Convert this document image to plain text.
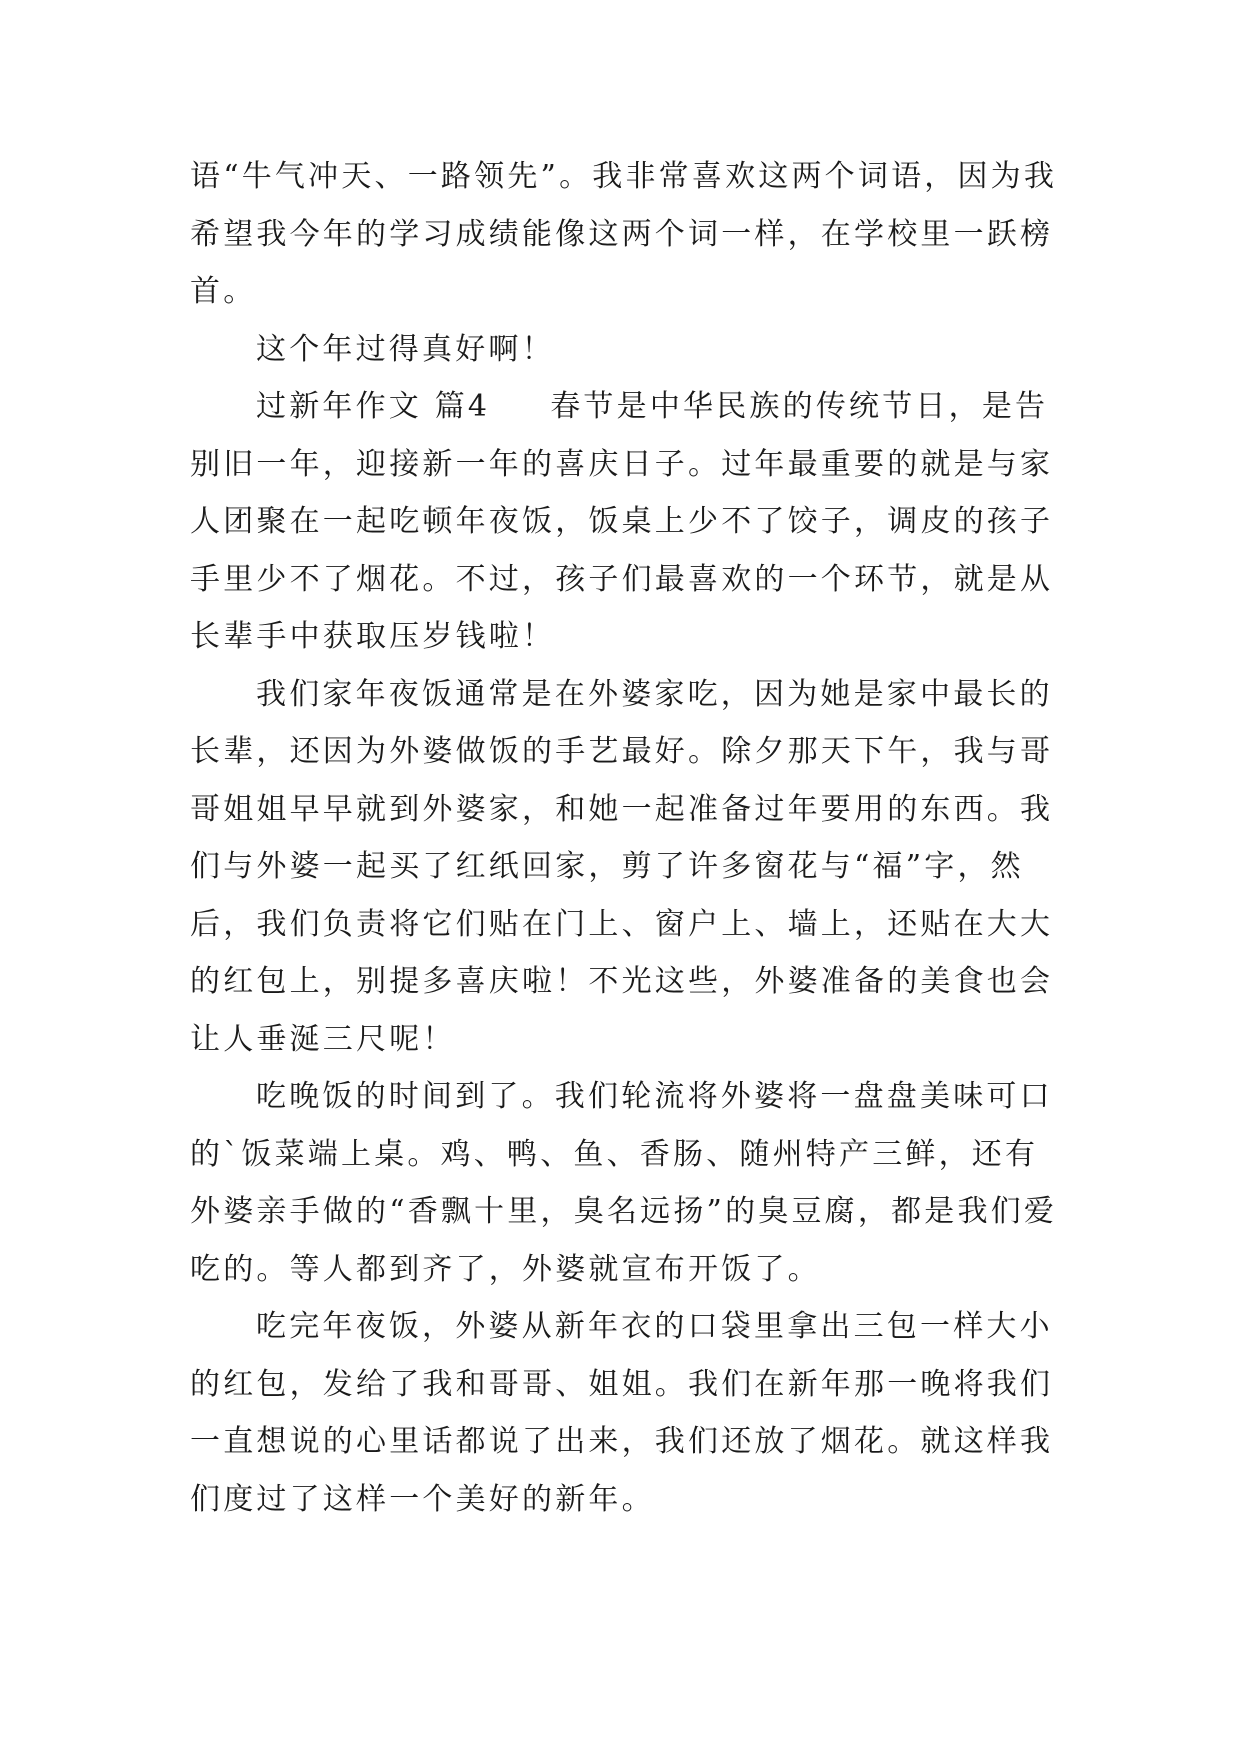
语“牛气冲天、一路领先”。我非常喜欢这两个词语，因为我希望我今年的学习成绩能像这两个词一样，在学校里一跃榜首。

这个年过得真好啊！

过新年作文 篇4 春节是中华民族的传统节日，是告别旧一年，迎接新一年的喜庆日子。过年最重要的就是与家人团聚在一起吃顿年夜饭，饭桌上少不了饺子，调皮的孩子手里少不了烟花。不过，孩子们最喜欢的一个环节，就是从长辈手中获取压岁钱啦！

我们家年夜饭通常是在外婆家吃，因为她是家中最长的长辈，还因为外婆做饭的手艺最好。除夕那天下午，我与哥哥姐姐早早就到外婆家，和她一起准备过年要用的东西。我们与外婆一起买了红纸回家，剪了许多窗花与“福”字，然后，我们负责将它们贴在门上、窗户上、墙上，还贴在大大的红包上，别提多喜庆啦！不光这些，外婆准备的美食也会让人垂涎三尺呢！

吃晚饭的时间到了。我们轮流将外婆将一盘盘美味可口的`饭菜端上桌。鸡、鸭、鱼、香肠、随州特产三鲜，还有外婆亲手做的“香飘十里，臭名远扬”的臭豆腐，都是我们爱吃的。等人都到齐了，外婆就宣布开饭了。

吃完年夜饭，外婆从新年衣的口袋里拿出三包一样大小的红包，发给了我和哥哥、姐姐。我们在新年那一晚将我们一直想说的心里话都说了出来，我们还放了烟花。就这样我们度过了这样一个美好的新年。
